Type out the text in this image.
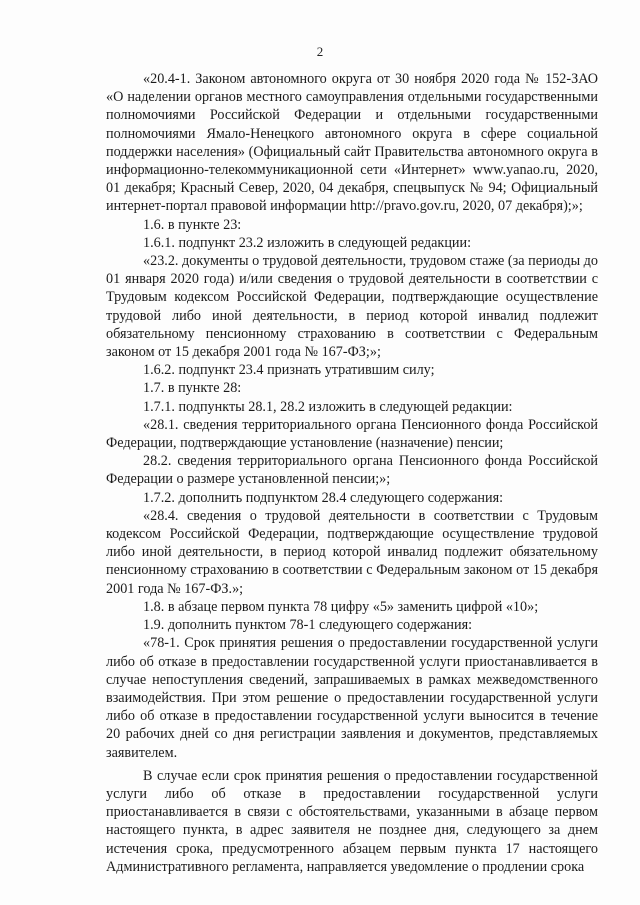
2

«20.4-1. Законом автономного округа от 30 ноября 2020 года № 152-ЗАО «О наделении органов местного самоуправления отдельными государственными полномочиями Российской Федерации и отдельными государственными полномочиями Ямало-Ненецкого автономного округа в сфере социальной поддержки населения» (Официальный сайт Правительства автономного округа в информационно-телекоммуникационной сети «Интернет» www.yanao.ru, 2020, 01 декабря; Красный Север, 2020, 04 декабря, спецвыпуск № 94; Официальный интернет-портал правовой информации http://pravo.gov.ru, 2020, 07 декабря);»;

1.6. в пункте 23:

1.6.1. подпункт 23.2 изложить в следующей редакции:

«23.2. документы о трудовой деятельности, трудовом стаже (за периоды до 01 января 2020 года) и/или сведения о трудовой деятельности в соответствии с Трудовым кодексом Российской Федерации, подтверждающие осуществление трудовой либо иной деятельности, в период которой инвалид подлежит обязательному пенсионному страхованию в соответствии с Федеральным законом от 15 декабря 2001 года № 167-ФЗ;»;

1.6.2. подпункт 23.4 признать утратившим силу;

1.7. в пункте 28:

1.7.1. подпункты 28.1, 28.2 изложить в следующей редакции:

«28.1. сведения территориального органа Пенсионного фонда Российской Федерации, подтверждающие установление (назначение) пенсии;

28.2. сведения территориального органа Пенсионного фонда Российской Федерации о размере установленной пенсии;»;

1.7.2. дополнить подпунктом 28.4 следующего содержания:

«28.4. сведения о трудовой деятельности в соответствии с Трудовым кодексом Российской Федерации, подтверждающие осуществление трудовой либо иной деятельности, в период которой инвалид подлежит обязательному пенсионному страхованию в соответствии с Федеральным законом от 15 декабря 2001 года № 167-ФЗ.»;

1.8. в абзаце первом пункта 78 цифру «5» заменить цифрой «10»;

1.9. дополнить пунктом 78-1 следующего содержания:

«78-1. Срок принятия решения о предоставлении государственной услуги либо об отказе в предоставлении государственной услуги приостанавливается в случае непоступления сведений, запрашиваемых в рамках межведомственного взаимодействия. При этом решение о предоставлении государственной услуги либо об отказе в предоставлении государственной услуги выносится в течение 20 рабочих дней со дня регистрации заявления и документов, представляемых заявителем.

В случае если срок принятия решения о предоставлении государственной услуги либо об отказе в предоставлении государственной услуги приостанавливается в связи с обстоятельствами, указанными в абзаце первом настоящего пункта, в адрес заявителя не позднее дня, следующего за днем истечения срока, предусмотренного абзацем первым пункта 17 настоящего Административного регламента, направляется уведомление о продлении срока
